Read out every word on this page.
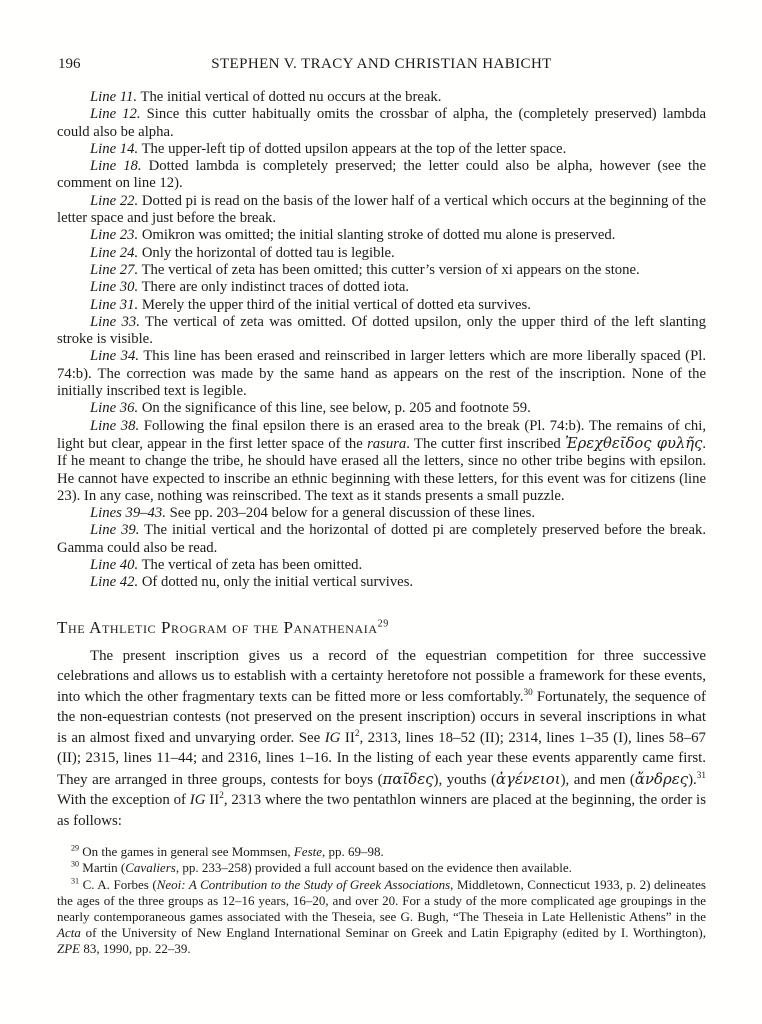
196	STEPHEN V. TRACY AND CHRISTIAN HABICHT

Line 11. The initial vertical of dotted nu occurs at the break.

Line 12. Since this cutter habitually omits the crossbar of alpha, the (completely preserved) lambda could also be alpha.

Line 14. The upper-left tip of dotted upsilon appears at the top of the letter space.

Line 18. Dotted lambda is completely preserved; the letter could also be alpha, however (see the comment on line 12).

Line 22. Dotted pi is read on the basis of the lower half of a vertical which occurs at the beginning of the letter space and just before the break.

Line 23. Omikron was omitted; the initial slanting stroke of dotted mu alone is preserved.

Line 24. Only the horizontal of dotted tau is legible.

Line 27. The vertical of zeta has been omitted; this cutter’s version of xi appears on the stone.

Line 30. There are only indistinct traces of dotted iota.

Line 31. Merely the upper third of the initial vertical of dotted eta survives.

Line 33. The vertical of zeta was omitted. Of dotted upsilon, only the upper third of the left slanting stroke is visible.

Line 34. This line has been erased and reinscribed in larger letters which are more liberally spaced (Pl. 74:b). The correction was made by the same hand as appears on the rest of the inscription. None of the initially inscribed text is legible.

Line 36. On the significance of this line, see below, p. 205 and footnote 59.

Line 38. Following the final epsilon there is an erased area to the break (Pl. 74:b). The remains of chi, light but clear, appear in the first letter space of the rasura. The cutter first inscribed Ἐρεχθεῖδος φυλῆς. If he meant to change the tribe, he should have erased all the letters, since no other tribe begins with epsilon. He cannot have expected to inscribe an ethnic beginning with these letters, for this event was for citizens (line 23). In any case, nothing was reinscribed. The text as it stands presents a small puzzle.

Lines 39–43. See pp. 203–204 below for a general discussion of these lines.

Line 39. The initial vertical and the horizontal of dotted pi are completely preserved before the break. Gamma could also be read.

Line 40. The vertical of zeta has been omitted.

Line 42. Of dotted nu, only the initial vertical survives.

The Athletic Program of the Panathenaia$^{29}$

The present inscription gives us a record of the equestrian competition for three successive celebrations and allows us to establish with a certainty heretofore not possible a framework for these events, into which the other fragmentary texts can be fitted more or less comfortably.$^{30}$ Fortunately, the sequence of the non-equestrian contests (not preserved on the present inscription) occurs in several inscriptions in what is an almost fixed and unvarying order. See IG II$^2$, 2313, lines 18–52 (II); 2314, lines 1–35 (I), lines 58–67 (II); 2315, lines 11–44; and 2316, lines 1–16. In the listing of each year these events apparently came first. They are arranged in three groups, contests for boys (παῖδες), youths (ἀγένειοι), and men (ἄνδρες).$^{31}$ With the exception of IG II$^2$, 2313 where the two pentathlon winners are placed at the beginning, the order is as follows:

$^{29}$ On the games in general see Mommsen, Feste, pp. 69–98.

$^{30}$ Martin (Cavaliers, pp. 233–258) provided a full account based on the evidence then available.

$^{31}$ C. A. Forbes (Neoi: A Contribution to the Study of Greek Associations, Middletown, Connecticut 1933, p. 2) delineates the ages of the three groups as 12–16 years, 16–20, and over 20. For a study of the more complicated age groupings in the nearly contemporaneous games associated with the Theseia, see G. Bugh, “The Theseia in Late Hellenistic Athens” in the Acta of the University of New England International Seminar on Greek and Latin Epigraphy (edited by I. Worthington), ZPE 83, 1990, pp. 22–39.
